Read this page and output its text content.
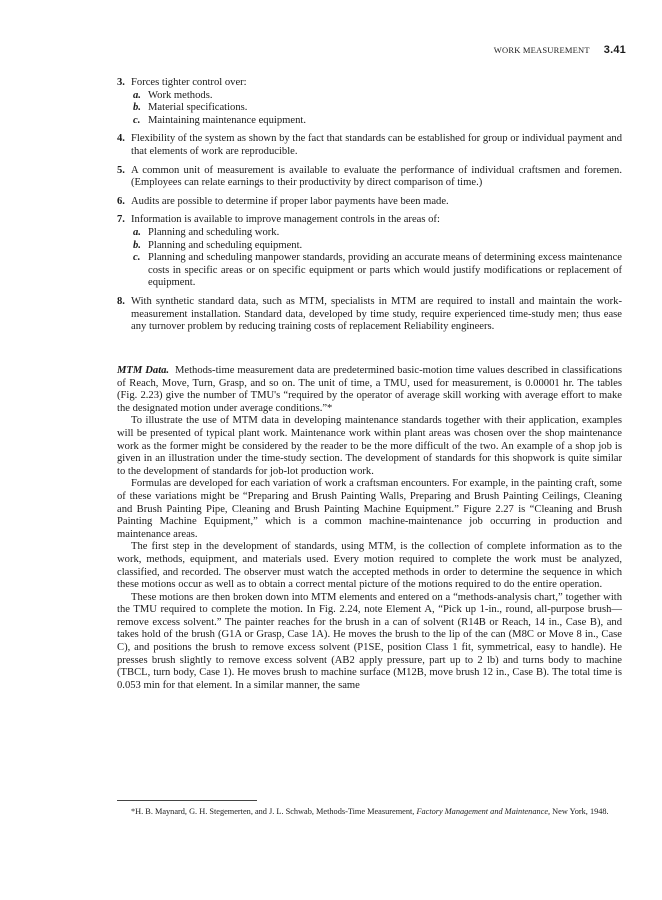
WORK MEASUREMENT 3.41
3. Forces tighter control over:
a. Work methods.
b. Material specifications.
c. Maintaining maintenance equipment.
4. Flexibility of the system as shown by the fact that standards can be established for group or individual payment and that elements of work are reproducible.
5. A common unit of measurement is available to evaluate the performance of individual craftsmen and foremen. (Employees can relate earnings to their productivity by direct comparison of time.)
6. Audits are possible to determine if proper labor payments have been made.
7. Information is available to improve management controls in the areas of:
a. Planning and scheduling work.
b. Planning and scheduling equipment.
c. Planning and scheduling manpower standards, providing an accurate means of determining excess maintenance costs in specific areas or on specific equipment or parts which would justify modifications or replacement of equipment.
8. With synthetic standard data, such as MTM, specialists in MTM are required to install and maintain the work-measurement installation. Standard data, developed by time study, require experienced time-study men; thus ease any turnover problem by reducing training costs of replacement Reliability engineers.

MTM Data. Methods-time measurement data are predetermined basic-motion time values described in classifications of Reach, Move, Turn, Grasp, and so on. The unit of time, a TMU, used for measurement, is 0.00001 hr. The tables (Fig. 2.23) give the number of TMU's “required by the operator of average skill working with average effort to make the designated motion under average conditions.”*

To illustrate the use of MTM data in developing maintenance standards together with their application, examples will be presented of typical plant work. Maintenance work within plant areas was chosen over the shop maintenance work as the former might be considered by the reader to be the more difficult of the two. An example of a shop job is given in an illustration under the time-study section. The development of standards for this shopwork is quite similar to the development of standards for job-lot production work.

Formulas are developed for each variation of work a craftsman encounters. For example, in the painting craft, some of these variations might be “Preparing and Brush Painting Walls, Preparing and Brush Painting Ceilings, Cleaning and Brush Painting Pipe, Cleaning and Brush Painting Machine Equipment.” Figure 2.27 is “Cleaning and Brush Painting Machine Equipment,” which is a common machine-maintenance job occurring in production and maintenance areas.

The first step in the development of standards, using MTM, is the collection of complete information as to the work, methods, equipment, and materials used. Every motion required to complete the work must be analyzed, classified, and recorded. The observer must watch the accepted methods in order to determine the sequence in which these motions occur as well as to obtain a correct mental picture of the motions required to do the entire operation.

These motions are then broken down into MTM elements and entered on a “methods-analysis chart,” together with the TMU required to complete the motion. In Fig. 2.24, note Element A, “Pick up 1-in., round, all-purpose brush—remove excess solvent.” The painter reaches for the brush in a can of solvent (R14B or Reach, 14 in., Case B), and takes hold of the brush (G1A or Grasp, Case 1A). He moves the brush to the lip of the can (M8C or Move 8 in., Case C), and positions the brush to remove excess solvent (P1SE, position Class 1 fit, symmetrical, easy to handle). He presses brush slightly to remove excess solvent (AB2 apply pressure, part up to 2 lb) and turns body to machine (TBCL, turn body, Case 1). He moves brush to machine surface (M12B, move brush 12 in., Case B). The total time is 0.053 min for that element. In a similar manner, the same

*H. B. Maynard, G. H. Stegemerten, and J. L. Schwab, Methods-Time Measurement, Factory Management and Maintenance, New York, 1948.
